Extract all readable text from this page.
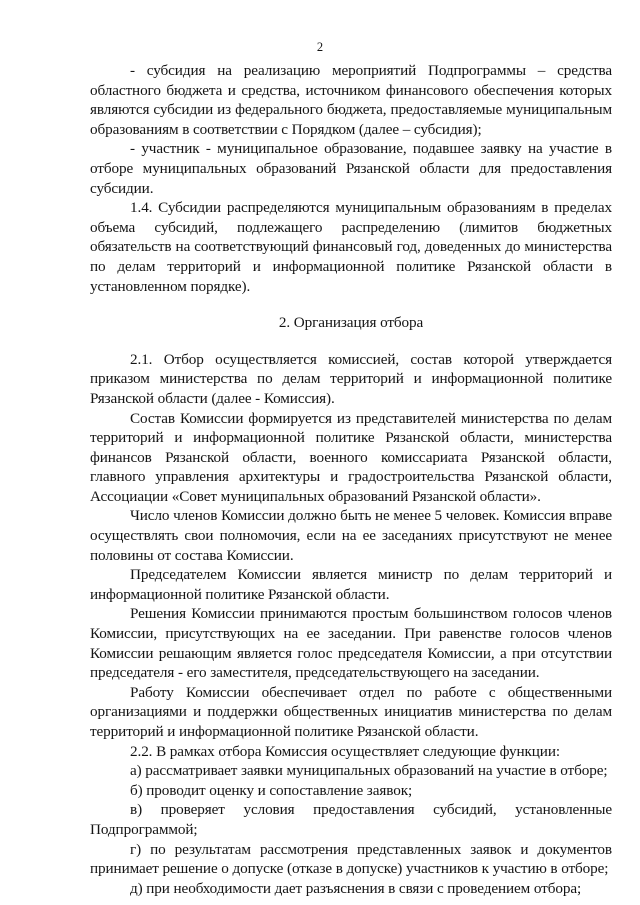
2

- субсидия на реализацию мероприятий Подпрограммы – средства областного бюджета и средства, источником финансового обеспечения которых являются субсидии из федерального бюджета, предоставляемые муниципальным образованиям в соответствии с Порядком (далее – субсидия);

- участник - муниципальное образование, подавшее заявку на участие в отборе муниципальных образований Рязанской области для предоставления субсидии.

1.4. Субсидии распределяются муниципальным образованиям в пределах объема субсидий, подлежащего распределению (лимитов бюджетных обязательств на соответствующий финансовый год, доведенных до министерства по делам территорий и информационной политике Рязанской области в установленном порядке).

2. Организация отбора

2.1. Отбор осуществляется комиссией, состав которой утверждается приказом министерства по делам территорий и информационной политике Рязанской области (далее - Комиссия).

Состав Комиссии формируется из представителей министерства по делам территорий и информационной политике Рязанской области, министерства финансов Рязанской области, военного комиссариата Рязанской области, главного управления архитектуры и градостроительства Рязанской области, Ассоциации «Совет муниципальных образований Рязанской области».

Число членов Комиссии должно быть не менее 5 человек. Комиссия вправе осуществлять свои полномочия, если на ее заседаниях присутствуют не менее половины от состава Комиссии.

Председателем Комиссии является министр по делам территорий и информационной политике Рязанской области.

Решения Комиссии принимаются простым большинством голосов членов Комиссии, присутствующих на ее заседании. При равенстве голосов членов Комиссии решающим является голос председателя Комиссии, а при отсутствии председателя - его заместителя, председательствующего на заседании.

Работу Комиссии обеспечивает отдел по работе с общественными организациями и поддержки общественных инициатив министерства по делам территорий и информационной политике Рязанской области.

2.2. В рамках отбора Комиссия осуществляет следующие функции:

а) рассматривает заявки муниципальных образований на участие в отборе;

б) проводит оценку и сопоставление заявок;

в) проверяет условия предоставления субсидий, установленные Подпрограммой;

г) по результатам рассмотрения представленных заявок и документов принимает решение о допуске (отказе в допуске) участников к участию в отборе;

д) при необходимости дает разъяснения в связи с проведением отбора;
